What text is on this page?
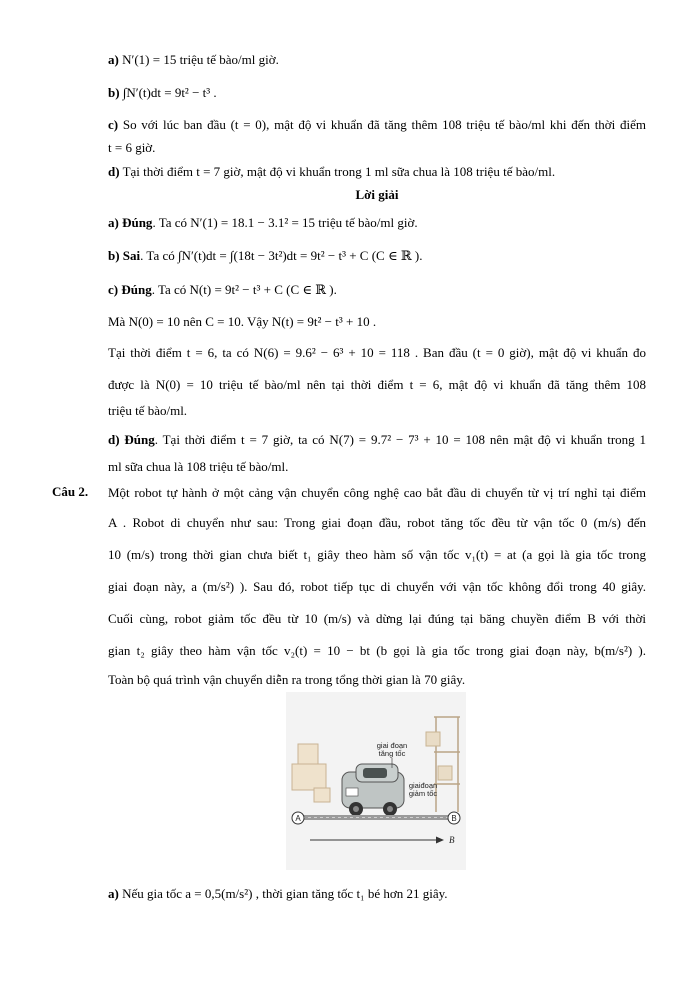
a) N′(1) = 15 triệu tế bào/ml giờ.
b) ∫N′(t)dt = 9t² − t³ .
c) So với lúc ban đầu (t = 0), mật độ vi khuẩn đã tăng thêm 108 triệu tế bào/ml khi đến thời điểm
t = 6 giờ.
d) Tại thời điểm t = 7 giờ, mật độ vi khuẩn trong 1 ml sữa chua là 108 triệu tế bào/ml.
Lời giải
a) Đúng. Ta có N′(1) = 18.1 − 3.1² = 15 triệu tế bào/ml giờ.
b) Sai. Ta có ∫N′(t)dt = ∫(18t − 3t²)dt = 9t² − t³ + C (C ∈ ℝ ).
c) Đúng. Ta có N(t) = 9t² − t³ + C (C ∈ ℝ ).
Mà N(0) = 10 nên C = 10. Vậy N(t) = 9t² − t³ + 10 .
Tại thời điểm t = 6, ta có N(6) = 9.6² − 6³ + 10 = 118 . Ban đầu (t = 0 giờ), mật độ vi khuẩn đo
được là N(0) = 10 triệu tế bào/ml nên tại thời điểm t = 6, mật độ vi khuẩn đã tăng thêm 108
triệu tế bào/ml.
d) Đúng. Tại thời điểm t = 7 giờ, ta có N(7) = 9.7² − 7³ + 10 = 108 nên mật độ vi khuẩn trong 1
ml sữa chua là 108 triệu tế bào/ml.
Câu 2. Một robot tự hành ở một cảng vận chuyển công nghệ cao bắt đầu di chuyển từ vị trí nghỉ tại điểm
A . Robot di chuyển như sau: Trong giai đoạn đầu, robot tăng tốc đều từ vận tốc 0 (m/s) đến
10 (m/s) trong thời gian chưa biết t₁ giây theo hàm số vận tốc v₁(t) = at (a gọi là gia tốc trong
giai đoạn này, a (m/s²) ). Sau đó, robot tiếp tục di chuyển với vận tốc không đổi trong 40 giây.
Cuối cùng, robot giảm tốc đều từ 10 (m/s) và dừng lại đúng tại băng chuyền điểm B với thời
gian t₂ giây theo hàm vận tốc v₂(t) = 10 − bt (b gọi là gia tốc trong giai đoạn này, b(m/s²) ).
Toàn bộ quá trình vận chuyển diễn ra trong tổng thời gian là 70 giây.
giai đoạn
tăng tốc
giaiđoạn
giảm tốc
A	B
B
a) Nếu gia tốc a = 0,5(m/s²) , thời gian tăng tốc t₁ bé hơn 21 giây.
